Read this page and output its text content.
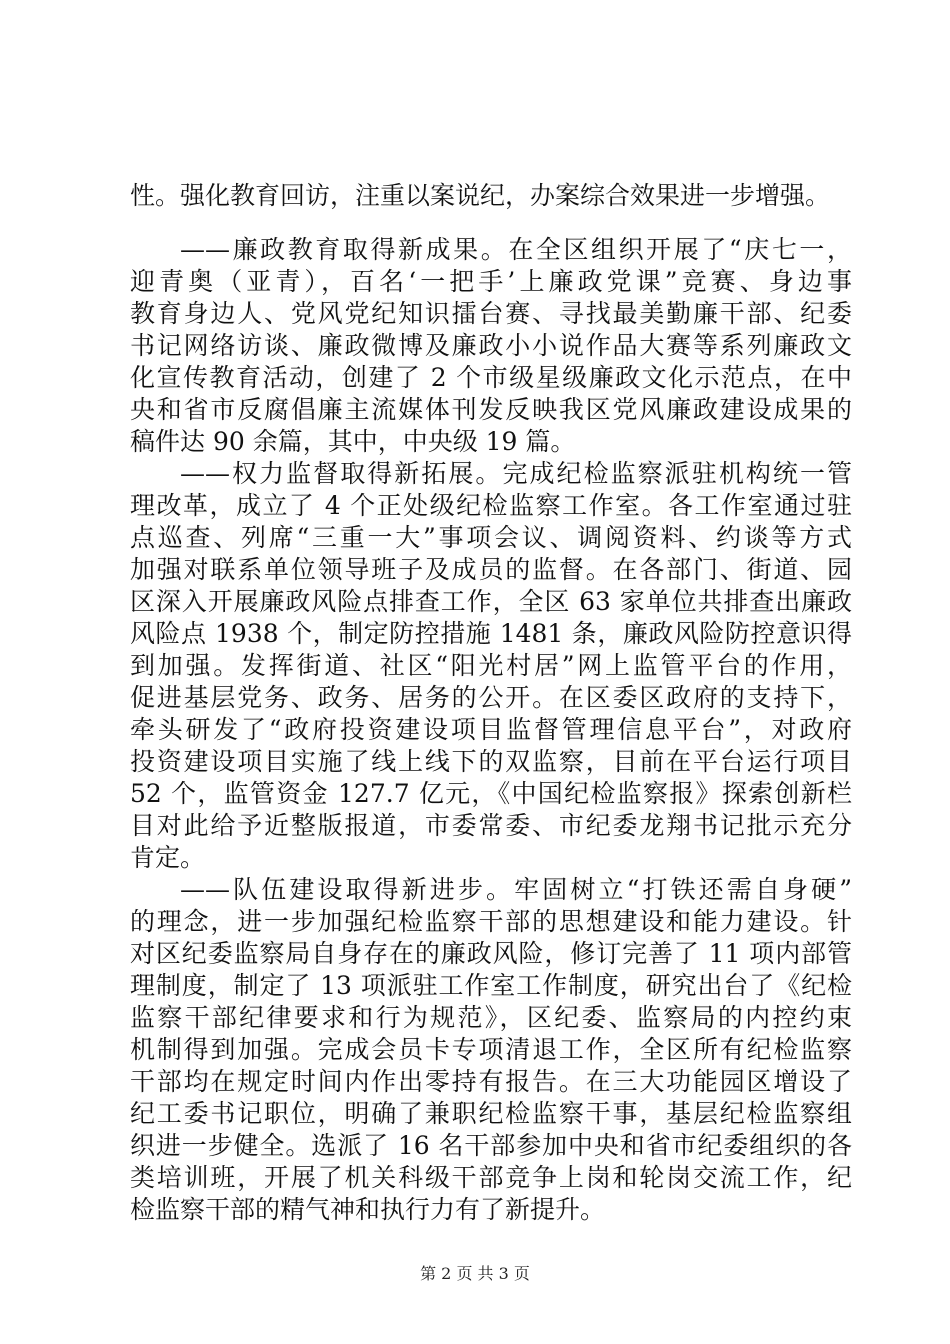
性。强化教育回访，注重以案说纪，办案综合效果进一步增强。
——廉政教育取得新成果。在全区组织开展了“庆七一，
迎青奥（亚青），百名‘一把手’上廉政党课”竞赛、身边事
教育身边人、党风党纪知识擂台赛、寻找最美勤廉干部、纪委
书记网络访谈、廉政微博及廉政小小说作品大赛等系列廉政文
化宣传教育活动，创建了 2 个市级星级廉政文化示范点，在中
央和省市反腐倡廉主流媒体刊发反映我区党风廉政建设成果的
稿件达 90 余篇，其中，中央级 19 篇。
——权力监督取得新拓展。完成纪检监察派驻机构统一管
理改革，成立了 4 个正处级纪检监察工作室。各工作室通过驻
点巡查、列席“三重一大”事项会议、调阅资料、约谈等方式
加强对联系单位领导班子及成员的监督。在各部门、街道、园
区深入开展廉政风险点排查工作，全区 63 家单位共排查出廉政
风险点 1938 个，制定防控措施 1481 条，廉政风险防控意识得
到加强。发挥街道、社区“阳光村居”网上监管平台的作用，
促进基层党务、政务、居务的公开。在区委区政府的支持下，
牵头研发了“政府投资建设项目监督管理信息平台”，对政府
投资建设项目实施了线上线下的双监察，目前在平台运行项目
52 个，监管资金 127.7 亿元，《中国纪检监察报》探索创新栏
目对此给予近整版报道，市委常委、市纪委龙翔书记批示充分
肯定。
——队伍建设取得新进步。牢固树立“打铁还需自身硬”
的理念，进一步加强纪检监察干部的思想建设和能力建设。针
对区纪委监察局自身存在的廉政风险，修订完善了 11 项内部管
理制度，制定了 13 项派驻工作室工作制度，研究出台了《纪检
监察干部纪律要求和行为规范》，区纪委、监察局的内控约束
机制得到加强。完成会员卡专项清退工作，全区所有纪检监察
干部均在规定时间内作出零持有报告。在三大功能园区增设了
纪工委书记职位，明确了兼职纪检监察干事，基层纪检监察组
织进一步健全。选派了 16 名干部参加中央和省市纪委组织的各
类培训班，开展了机关科级干部竞争上岗和轮岗交流工作，纪
检监察干部的精气神和执行力有了新提升。
第 2 页 共 3 页
